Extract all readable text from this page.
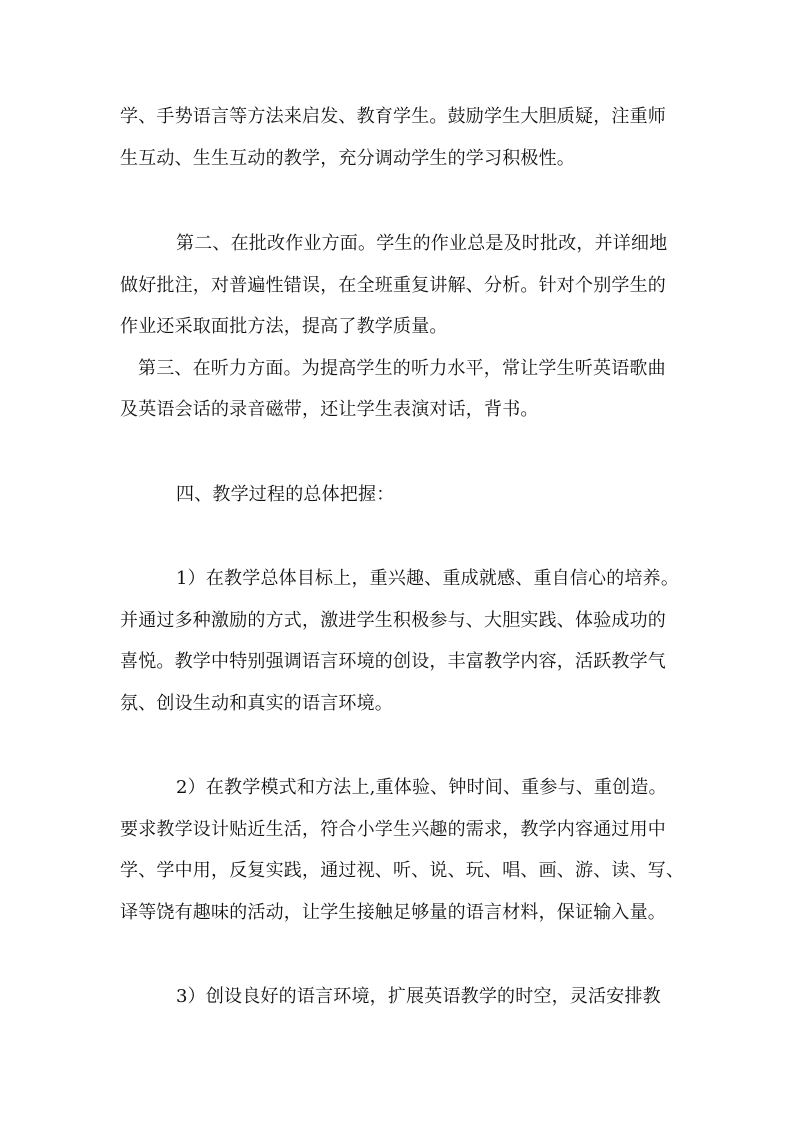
学、手势语言等方法来启发、教育学生。鼓励学生大胆质疑，注重师

生互动、生生互动的教学，充分调动学生的学习积极性。

第二、在批改作业方面。学生的作业总是及时批改，并详细地

做好批注，对普遍性错误，在全班重复讲解、分析。针对个别学生的

作业还采取面批方法，提高了教学质量。

第三、在听力方面。为提高学生的听力水平，常让学生听英语歌曲

及英语会话的录音磁带，还让学生表演对话，背书。

四、教学过程的总体把握：

1）在教学总体目标上，重兴趣、重成就感、重自信心的培养。

并通过多种激励的方式，激进学生积极参与、大胆实践、体验成功的

喜悦。教学中特别强调语言环境的创设，丰富教学内容，活跃教学气

氛、创设生动和真实的语言环境。

2）在教学模式和方法上,重体验、钟时间、重参与、重创造。

要求教学设计贴近生活，符合小学生兴趣的需求，教学内容通过用中

学、学中用，反复实践，通过视、听、说、玩、唱、画、游、读、写、

译等饶有趣味的活动，让学生接触足够量的语言材料，保证输入量。

3）创设良好的语言环境，扩展英语教学的时空，灵活安排教
